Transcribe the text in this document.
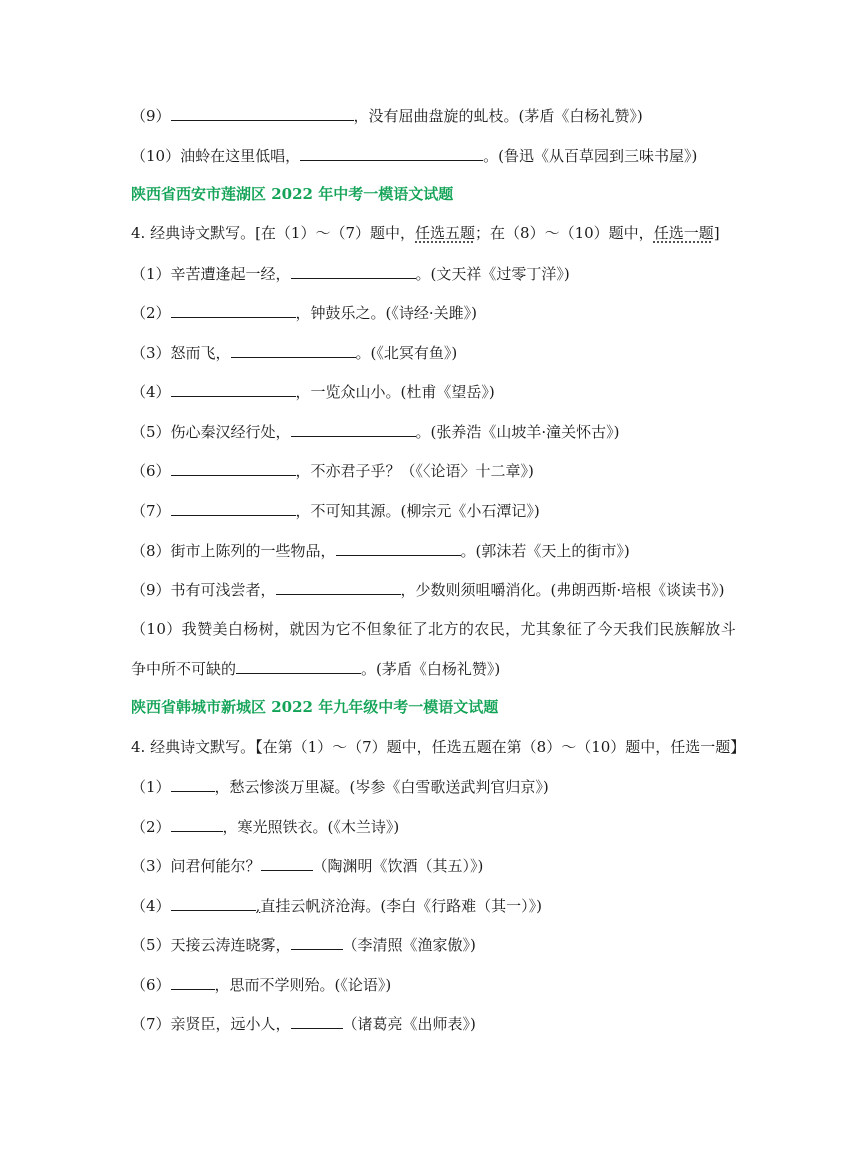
（9）	，没有屈曲盘旋的虬枝。(茅盾《白杨礼赞》)
（10）油蛉在这里低唱，	。(鲁迅《从百草园到三味书屋》)
陕西省西安市莲湖区 2022 年中考一模语文试题
4. 经典诗文默写。[在（1）～（7）题中，任选五题；在（8）～（10）题中，任选一题]
（1）辛苦遭逢起一经，	。(文天祥《过零丁洋》)
（2）	，钟鼓乐之。(《诗经·关雎》)
（3）怒而飞，	。(《北冥有鱼》)
（4）	，一览众山小。(杜甫《望岳》)
（5）伤心秦汉经行处，	。(张养浩《山坡羊·潼关怀古》)
（6）	，不亦君子乎？（《〈论语〉十二章》)
（7）	，不可知其源。(柳宗元《小石潭记》)
（8）街市上陈列的一些物品，	。(郭沫若《天上的街市》)
（9）书有可浅尝者，	，少数则须咀嚼消化。(弗朗西斯·培根《谈读书》)
（10）我赞美白杨树，就因为它不但象征了北方的农民，尤其象征了今天我们民族解放斗
争中所不可缺的	。(茅盾《白杨礼赞》)
陕西省韩城市新城区 2022 年九年级中考一模语文试题
4. 经典诗文默写。【在第（1）～（7）题中，任选五题在第（8）～（10）题中，任选一题】
（1）	，愁云惨淡万里凝。(岑参《白雪歌送武判官归京》)
（2）	，寒光照铁衣。(《木兰诗》)
（3）问君何能尔？	（陶渊明《饮酒（其五）》)
（4）	,直挂云帆济沧海。(李白《行路难（其一）》)
（5）天接云涛连晓雾，	（李清照《渔家傲》)
（6）	，思而不学则殆。(《论语》)
（7）亲贤臣，远小人，	（诸葛亮《出师表》)
